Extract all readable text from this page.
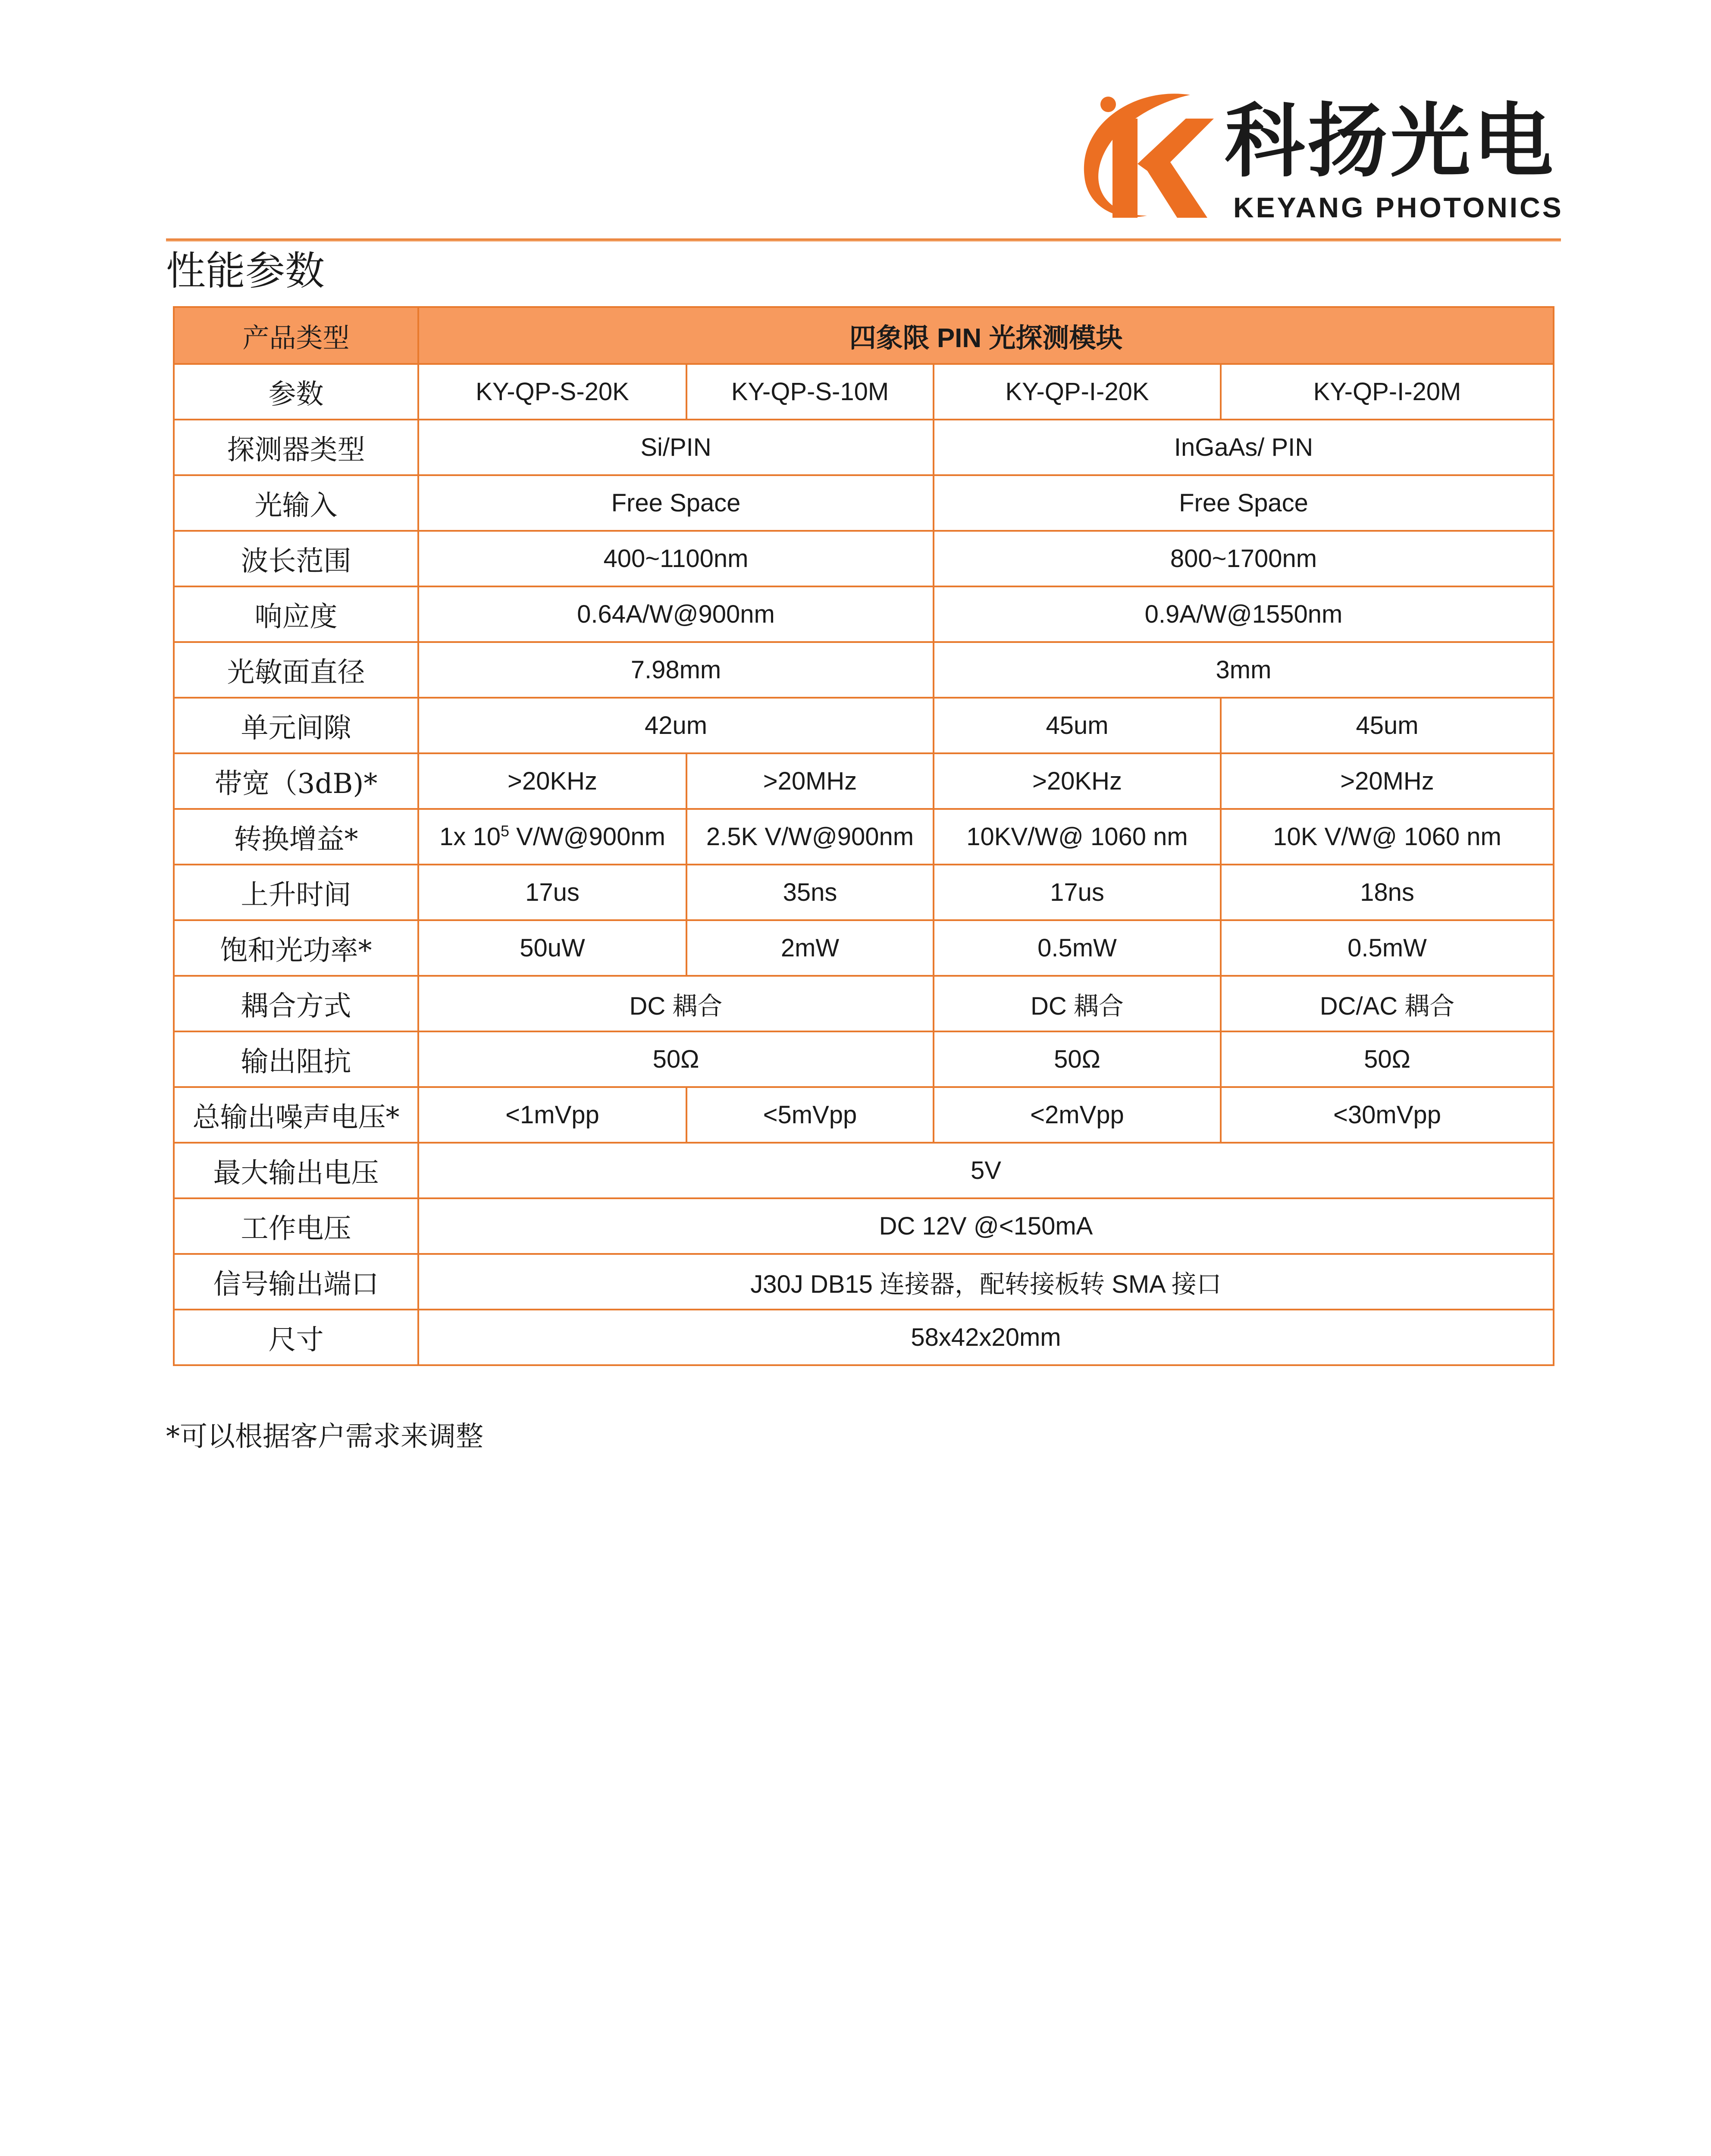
科扬光电
KEYANG PHOTONICS
性能参数
产品类型	四象限 PIN 光探测模块			
参数	KY-QP-S-20K	KY-QP-S-10M	KY-QP-I-20K	KY-QP-I-20M
探测器类型	Si/PIN		InGaAs/ PIN	
光输入	Free Space		Free Space	
波长范围	400~1100nm		800~1700nm	
响应度	0.64A/W@900nm		0.9A/W@1550nm	
光敏面直径	7.98mm		3mm	
单元间隙	42um		45um	45um
带宽（3dB)*	>20KHz	>20MHz	>20KHz	>20MHz
转换增益*	1x $10^5$ V/W@900nm	2.5K V/W@900nm	10KV/W@ 1060 nm	10K V/W@ 1060 nm
上升时间	17us	35ns	17us	18ns
饱和光功率*	50uW	2mW	0.5mW	0.5mW
耦合方式	DC 耦合		DC 耦合	DC/AC 耦合
输出阻抗	50Ω		50Ω	50Ω
总输出噪声电压*	<1mVpp	<5mVpp	<2mVpp	<30mVpp
最大输出电压	5V			
工作电压	DC 12V @<150mA			
信号输出端口	J30J DB15 连接器，配转接板转 SMA 接口			
尺寸	58x42x20mm			
*可以根据客户需求来调整
